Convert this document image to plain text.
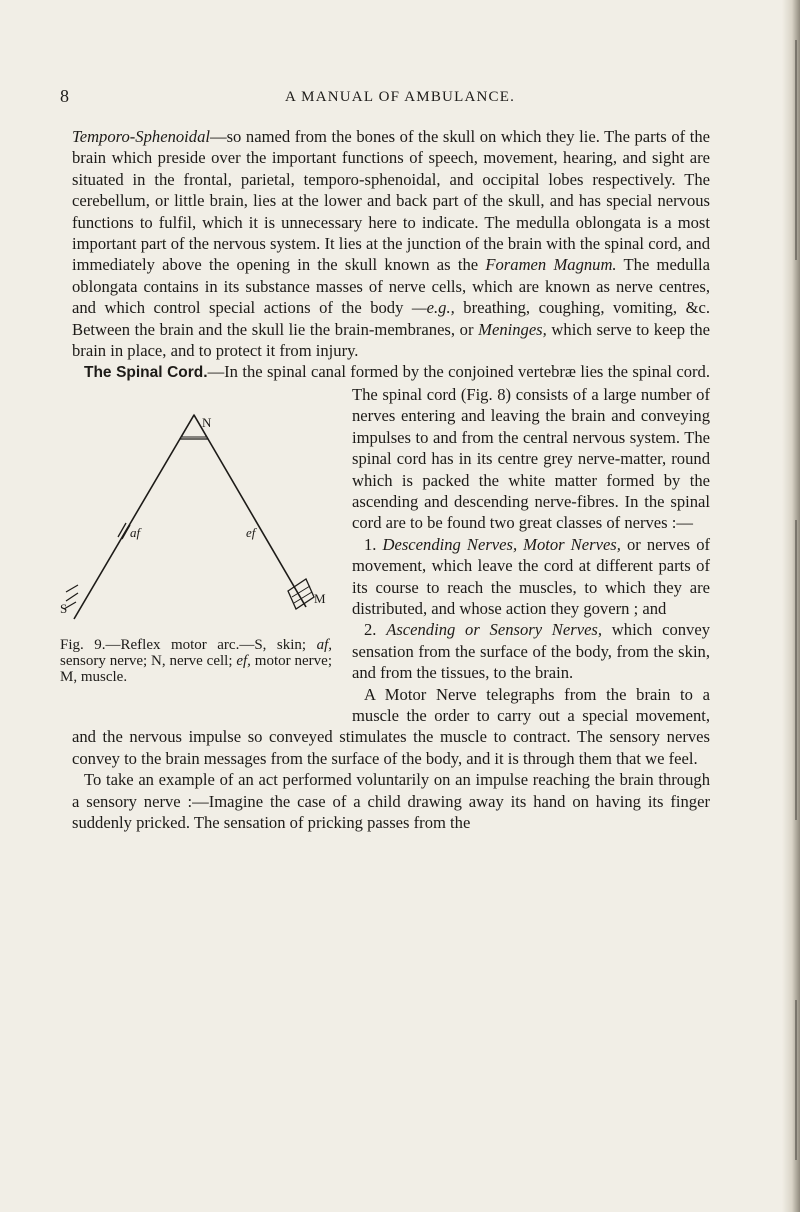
8	A MANUAL OF AMBULANCE.

Temporo-Sphenoidal—so named from the bones of the skull on which they lie. The parts of the brain which preside over the important functions of speech, movement, hearing, and sight are situated in the frontal, parietal, temporo-sphenoidal, and occipital lobes respectively. The cerebellum, or little brain, lies at the lower and back part of the skull, and has special nervous functions to fulfil, which it is unnecessary here to indicate. The medulla oblongata is a most important part of the nervous system. It lies at the junction of the brain with the spinal cord, and immediately above the opening in the skull known as the Foramen Magnum. The medulla oblongata contains in its substance masses of nerve cells, which are known as nerve centres, and which control special actions of the body —e.g., breathing, coughing, vomiting, &c. Between the brain and the skull lie the brain-membranes, or Meninges, which serve to keep the brain in place, and to protect it from injury.

The Spinal Cord.—In the spinal canal formed by the conjoined vertebræ lies the spinal cord.
N
af	ef
S
M
Fig. 9.—Reflex motor arc.—S, skin; af, sensory nerve; N, nerve cell; ef, motor nerve; M, muscle.
The spinal cord (Fig. 8) consists of a large number of nerves entering and leaving the brain and conveying impulses to and from the central nervous system. The spinal cord has in its centre grey nerve-matter, round which is packed the white matter formed by the ascending and descending nerve-fibres. In the spinal cord are to be found two great classes of nerves :—

1. Descending Nerves, Motor Nerves, or nerves of movement, which leave the cord at different parts of its course to reach the muscles, to which they are distributed, and whose action they govern ; and

2. Ascending or Sensory Nerves, which convey sensation from the surface of the body, from the skin, and from the tissues, to the brain.

A Motor Nerve telegraphs from the brain to a muscle the order to carry out a special movement, and the nervous impulse so conveyed stimulates the muscle to contract. The sensory nerves convey to the brain messages from the surface of the body, and it is through them that we feel.

To take an example of an act performed voluntarily on an impulse reaching the brain through a sensory nerve :—Imagine the case of a child drawing away its hand on having its finger suddenly pricked. The sensation of pricking passes from the
